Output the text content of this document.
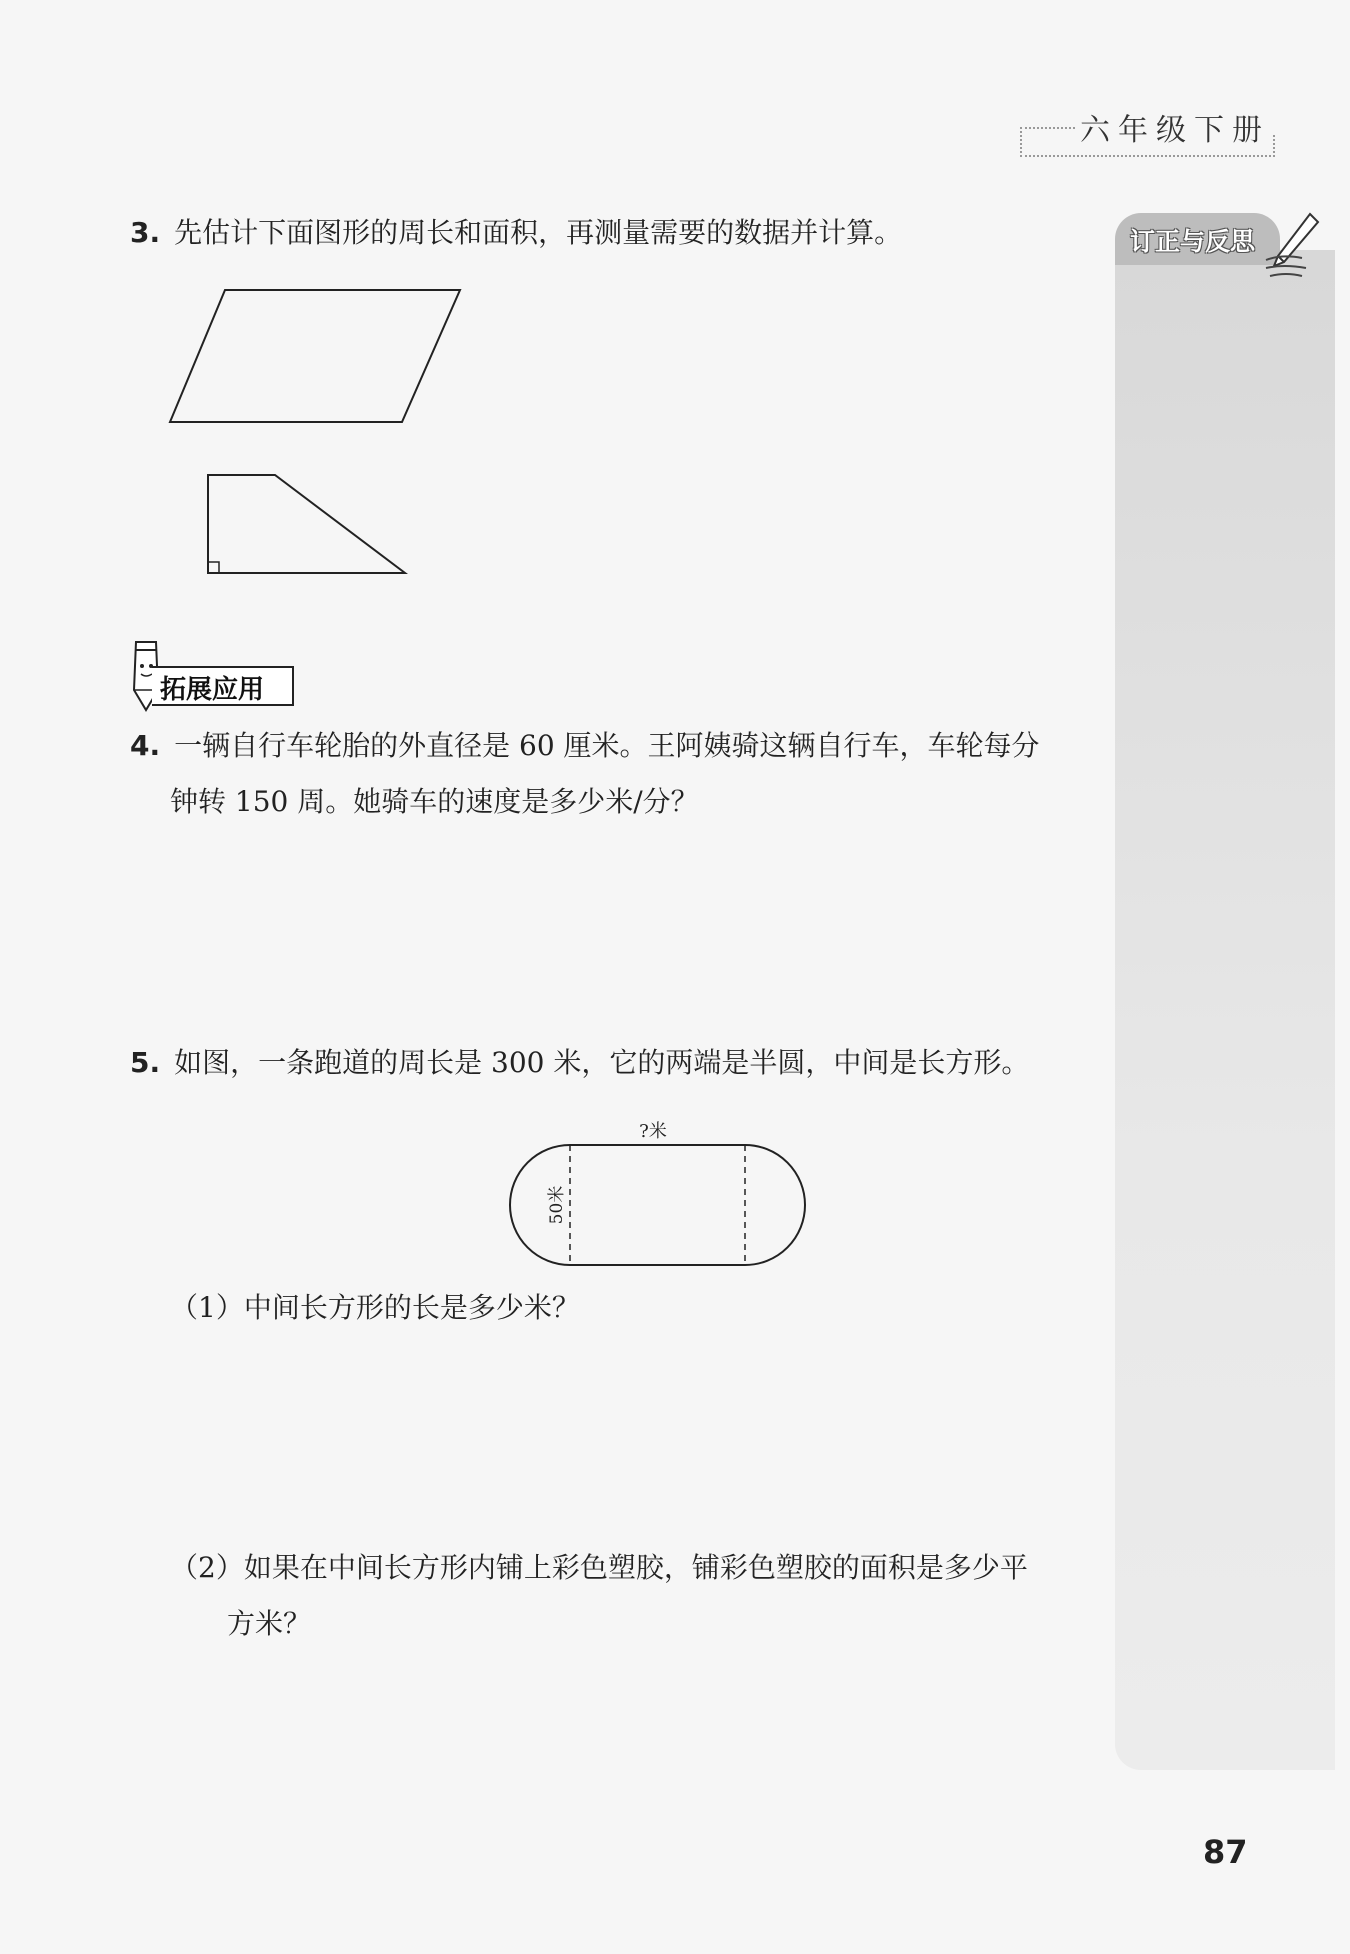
六年级下册
订正与反思
3. 先估计下面图形的周长和面积，再测量需要的数据并计算。
拓展应用
4. 一辆自行车轮胎的外直径是 60 厘米。王阿姨骑这辆自行车，车轮每分
钟转 150 周。她骑车的速度是多少米/分？
5. 如图，一条跑道的周长是 300 米，它的两端是半圆，中间是长方形。
?米
50米
（1）中间长方形的长是多少米？
（2）如果在中间长方形内铺上彩色塑胶，铺彩色塑胶的面积是多少平
方米？
87
